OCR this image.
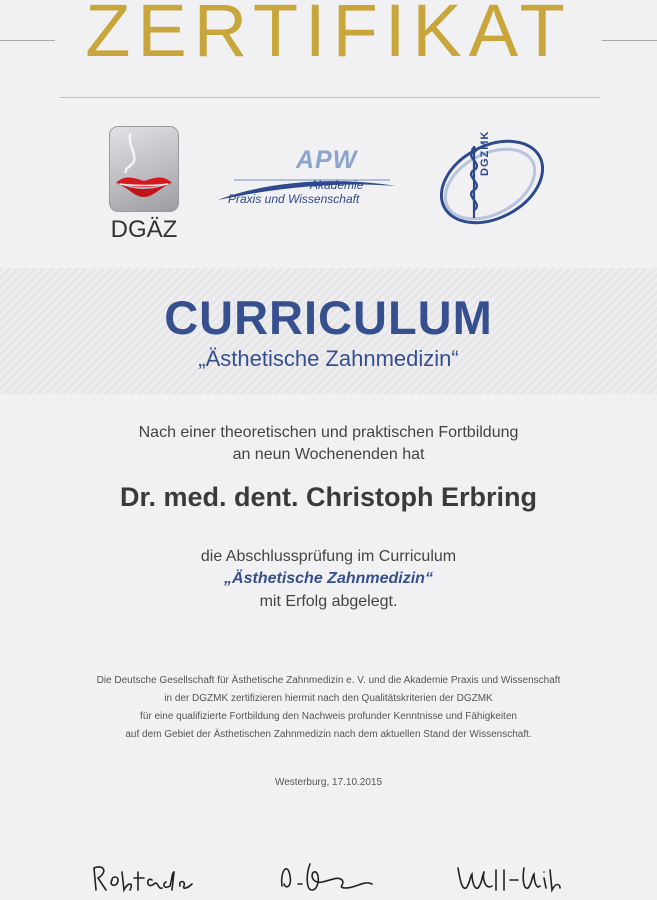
ZERTIFIKAT
DGÄZ
APW
Akademie
Praxis und Wissenschaft
DGZMK
CURRICULUM
„Ästhetische Zahnmedizin“
Nach einer theoretischen und praktischen Fortbildung
an neun Wochenenden hat
Dr. med. dent. Christoph Erbring
die Abschlussprüfung im Curriculum
„Ästhetische Zahnmedizin“
mit Erfolg abgelegt.
Die Deutsche Gesellschaft für Ästhetische Zahnmedizin e. V. und die Akademie Praxis und Wissenschaft
in der DGZMK zertifizieren hiermit nach den Qualitätskriterien der DGZMK
für eine qualifizierte Fortbildung den Nachweis profunder Kenntnisse und Fähigkeiten
auf dem Gebiet der Ästhetischen Zahnmedizin nach dem aktuellen Stand der Wissenschaft.
Westerburg, 17.10.2015
